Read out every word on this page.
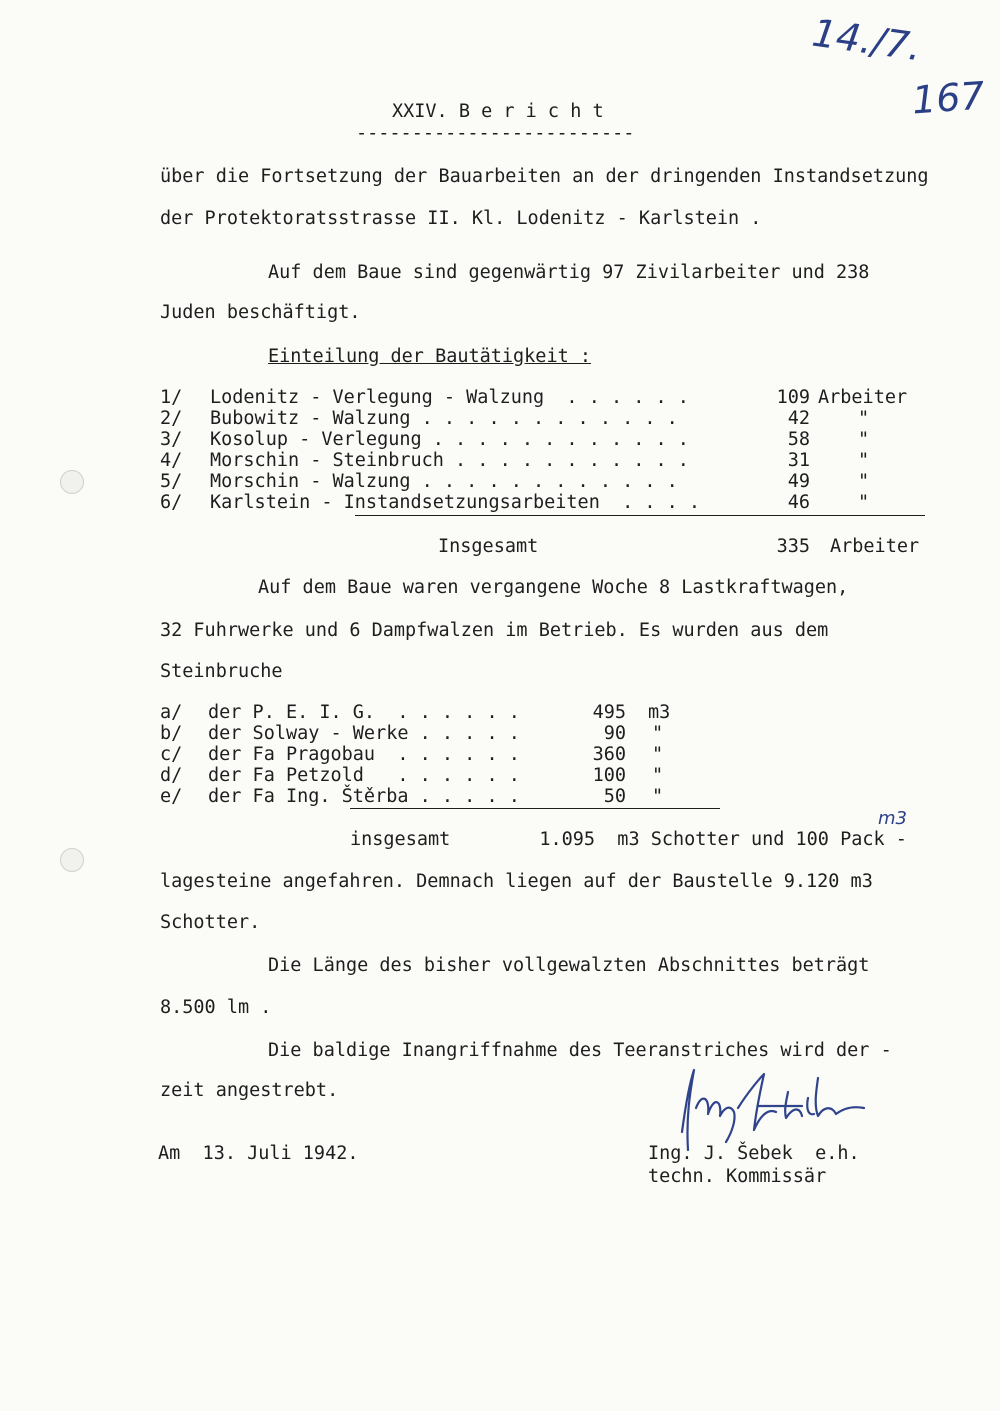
14./7.
167
XXIV. B e r i c h t
-------------------------
über die Fortsetzung der Bauarbeiten an der dringenden Instandsetzung
der Protektoratsstrasse II. Kl. Lodenitz - Karlstein .
Auf dem Baue sind gegenwärtig 97 Zivilarbeiter und 238
Juden beschäftigt.
Einteilung der Bautätigkeit :
1/ Lodenitz - Verlegung - Walzung  . . . . . .	109 Arbeiter
2/ Bubowitz - Walzung . . . . . . . . . . . .	42	"
3/ Kosolup - Verlegung . . . . . . . . . . . .	58	"
4/ Morschin - Steinbruch . . . . . . . . . . .	31	"
5/ Morschin - Walzung . . . . . . . . . . . .	49	"
6/ Karlstein - Instandsetzungsarbeiten  . . . .	46	"
Insgesamt	335 Arbeiter
Auf dem Baue waren vergangene Woche 8 Lastkraftwagen,
32 Fuhrwerke und 6 Dampfwalzen im Betrieb. Es wurden aus dem
Steinbruche
a/ der P. E. I. G.  . . . . . .	495 m3
b/ der Solway - Werke . . . . .	90 "
c/ der Fa Pragobau  . . . . . .	360 "
d/ der Fa Petzold   . . . . . .	100 "
e/ der Fa Ing. Štěrba . . . . .	50 "
insgesamt        1.095  m3 Schotter und 100 Pack -
m3
lagesteine angefahren. Demnach liegen auf der Baustelle 9.120 m3
Schotter.
Die Länge des bisher vollgewalzten Abschnittes beträgt
8.500 lm .
Die baldige Inangriffnahme des Teeranstriches wird der -
zeit angestrebt.
Am  13. Juli 1942.	Ing. J. Šebek  e.h.
techn. Kommissär
